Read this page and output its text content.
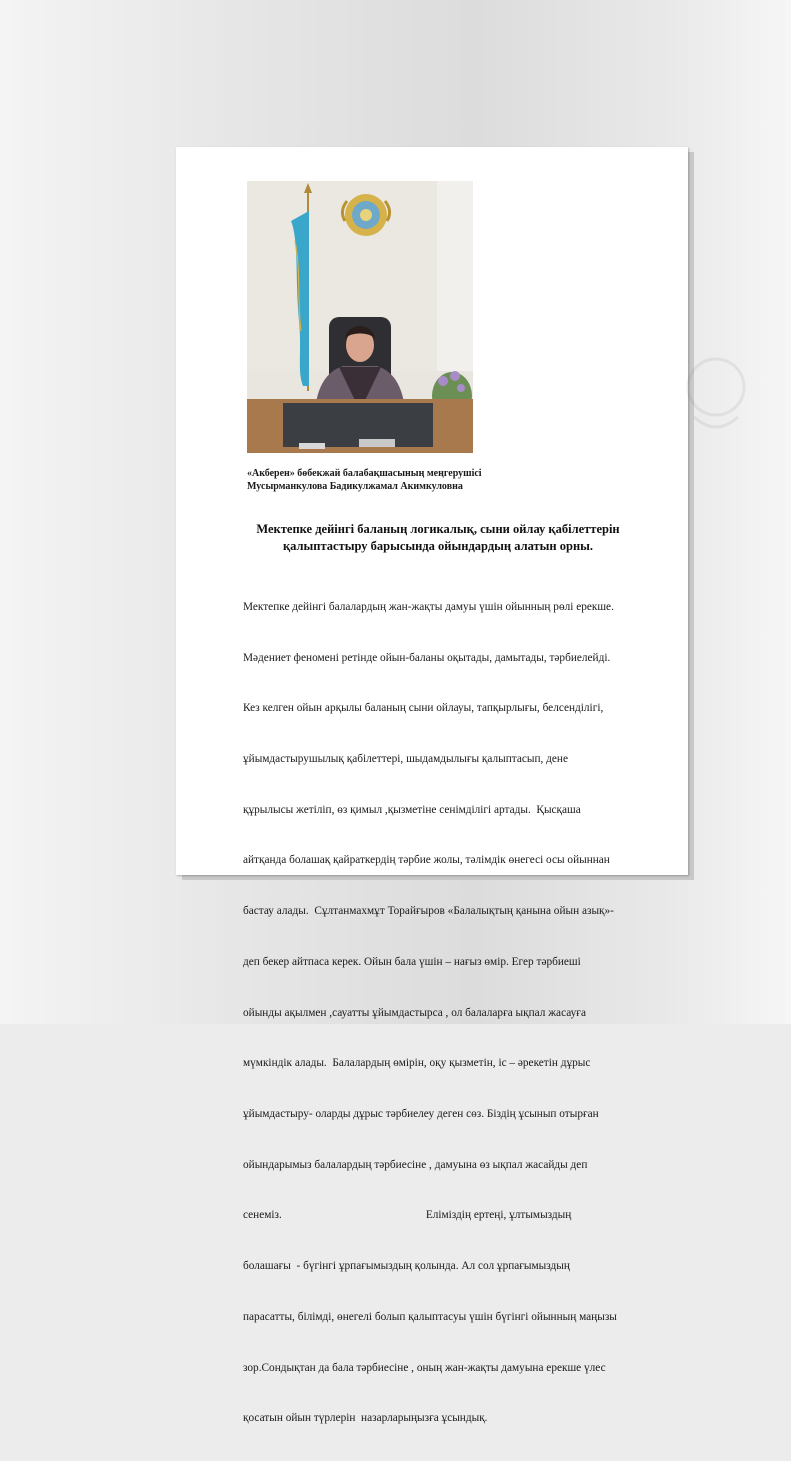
«Акберен» бөбекжай балабақшасының меңгерушісі
Мусырманкулова Бадикулжамал Акимкуловна
Мектепке дейінгі баланың логикалық, сыни ойлау қабілеттерін
қалыптастыру барысында ойындардың алатын орны.

Мектепке дейінгі балалардың жан-жақты дамуы үшін ойынның рөлі ерекше.

Мәдениет феномені ретінде ойын-баланы оқытады, дамытады, тәрбиелейді.

Кез келген ойын арқылы баланың сыни ойлауы, тапқырлығы, белсенділігі,

ұйымдастырушылық қабілеттері, шыдамдылығы қалыптасып, дене

құрылысы жетіліп, өз қимыл ,қызметіне сенімділігі артады.  Қысқаша

айтқанда болашақ қайраткердің тәрбие жолы, тәлімдік өнегесі осы ойыннан

бастау алады.  Сұлтанмахмұт Торайғыров «Балалықтың қанына ойын азық»-

деп бекер айтпаса керек. Ойын бала үшін – нағыз өмір. Егер тәрбиеші

ойынды ақылмен ,сауатты ұйымдастырса , ол балаларға ықпал жасауға

мүмкіндік алады.  Балалардың өмірін, оқу қызметін, іс – әрекетін дұрыс

ұйымдастыру- оларды дұрыс тәрбиелеу деген сөз. Біздің ұсынып отырған

ойындарымыз балалардың тәрбиесіне , дамуына өз ықпал жасайды деп

сенеміз.                                                   Еліміздің ертеңі, ұлтымыздың

болашағы  - бүгінгі ұрпағымыздың қолында. Ал сол ұрпағымыздың

парасатты, білімді, өнегелі болып қалыптасуы үшін бүгінгі ойынның маңызы

зор.Сондықтан да бала тәрбиесіне , оның жан-жақты дамуына ерекше үлес

қосатын ойын түрлерін  назарларыңызға ұсындық.
